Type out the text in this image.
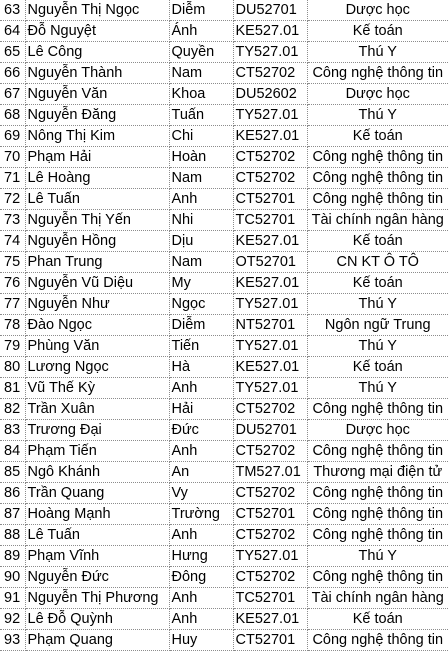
63	Nguyễn Thị Ngọc	Diễm	DU52701	Dược học
64	Đỗ Nguyệt	Ánh	KE527.01	Kế toán
65	Lê Công	Quyền	TY527.01	Thú Y
66	Nguyễn Thành	Nam	CT52702	Công nghệ thông tin
67	Nguyễn Văn	Khoa	DU52602	Dược học
68	Nguyễn Đăng	Tuấn	TY527.01	Thú Y
69	Nông Thị Kim	Chi	KE527.01	Kế toán
70	Phạm Hải	Hoàn	CT52702	Công nghệ thông tin
71	Lê Hoàng	Nam	CT52702	Công nghệ thông tin
72	Lê Tuấn	Anh	CT52701	Công nghệ thông tin
73	Nguyễn Thị Yến	Nhi	TC52701	Tài chính ngân hàng
74	Nguyễn Hồng	Dịu	KE527.01	Kế toán
75	Phan Trung	Nam	OT52701	CN KT Ô TÔ
76	Nguyễn Vũ Diệu	My	KE527.01	Kế toán
77	Nguyễn Như	Ngọc	TY527.01	Thú Y
78	Đào Ngọc	Diễm	NT52701	Ngôn ngữ Trung
79	Phùng Văn	Tiến	TY527.01	Thú Y
80	Lương Ngọc	Hà	KE527.01	Kế toán
81	Vũ Thế Kỳ	Anh	TY527.01	Thú Y
82	Trần Xuân	Hải	CT52702	Công nghệ thông tin
83	Trương Đại	Đức	DU52701	Dược học
84	Phạm Tiến	Anh	CT52702	Công nghệ thông tin
85	Ngô Khánh	An	TM527.01	Thương mại điện tử
86	Trần Quang	Vy	CT52702	Công nghệ thông tin
87	Hoàng Mạnh	Trường	CT52701	Công nghệ thông tin
88	Lê Tuấn	Anh	CT52702	Công nghệ thông tin
89	Phạm Vĩnh	Hưng	TY527.01	Thú Y
90	Nguyễn Đức	Đông	CT52702	Công nghệ thông tin
91	Nguyễn Thị Phương	Anh	TC52701	Tài chính ngân hàng
92	Lê Đỗ Quỳnh	Anh	KE527.01	Kế toán
93	Phạm Quang	Huy	CT52701	Công nghệ thông tin
